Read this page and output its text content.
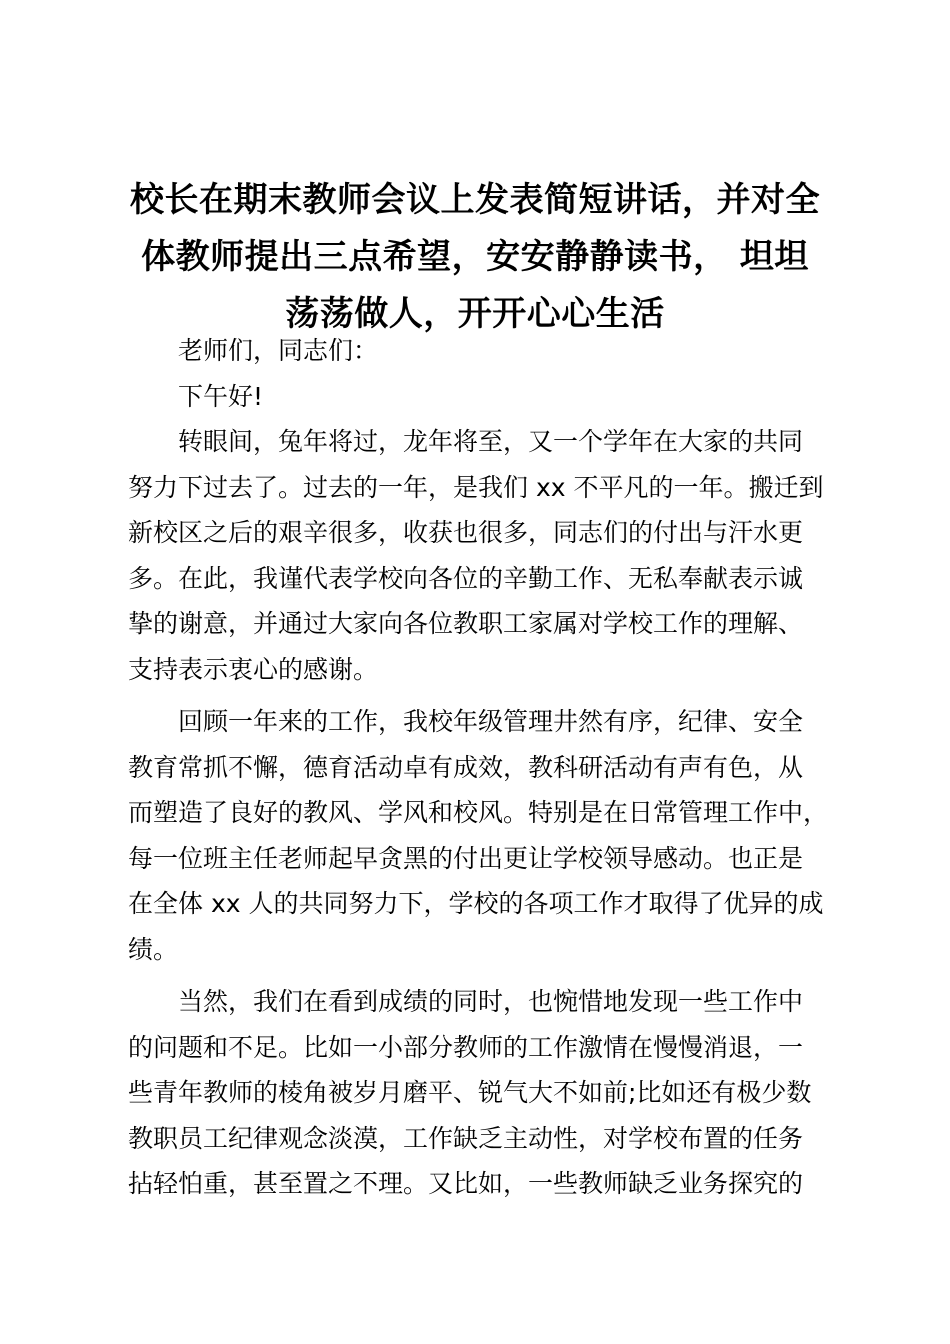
校长在期末教师会议上发表简短讲话，并对全
体教师提出三点希望，安安静静读书， 坦坦
荡荡做人，开开心心生活

老师们，同志们：

下午好!

转眼间，兔年将过，龙年将至，又一个学年在大家的共同
努力下过去了。过去的一年，是我们 xx 不平凡的一年。搬迁到
新校区之后的艰辛很多，收获也很多，同志们的付出与汗水更
多。在此，我谨代表学校向各位的辛勤工作、无私奉献表示诚
挚的谢意，并通过大家向各位教职工家属对学校工作的理解、
支持表示衷心的感谢。

回顾一年来的工作，我校年级管理井然有序，纪律、安全
教育常抓不懈，德育活动卓有成效，教科研活动有声有色，从
而塑造了良好的教风、学风和校风。特别是在日常管理工作中，
每一位班主任老师起早贪黑的付出更让学校领导感动。也正是
在全体 xx 人的共同努力下，学校的各项工作才取得了优异的成
绩。

当然，我们在看到成绩的同时，也惋惜地发现一些工作中
的问题和不足。比如一小部分教师的工作激情在慢慢消退，一
些青年教师的棱角被岁月磨平、锐气大不如前;比如还有极少数
教职员工纪律观念淡漠，工作缺乏主动性，对学校布置的任务
拈轻怕重，甚至置之不理。又比如，一些教师缺乏业务探究的
